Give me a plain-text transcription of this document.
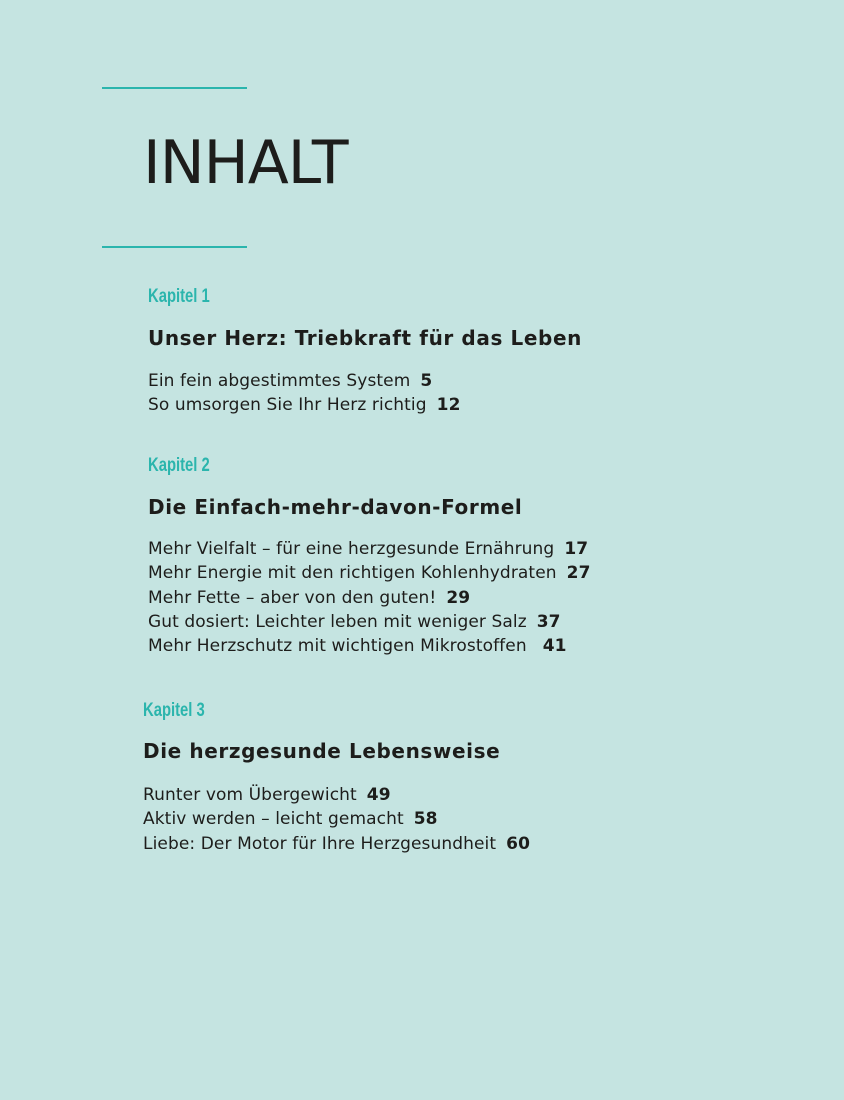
INHALT
Kapitel 1
Unser Herz: Triebkraft für das Leben
Ein fein abgestimmtes System 5
So umsorgen Sie Ihr Herz richtig 12
Kapitel 2
Die Einfach-mehr-davon-Formel
Mehr Vielfalt – für eine herzgesunde Ernährung 17
Mehr Energie mit den richtigen Kohlenhydraten 27
Mehr Fette – aber von den guten! 29
Gut dosiert: Leichter leben mit weniger Salz 37
Mehr Herzschutz mit wichtigen Mikrostoffen 41
Kapitel 3
Die herzgesunde Lebensweise
Runter vom Übergewicht 49
Aktiv werden – leicht gemacht 58
Liebe: Der Motor für Ihre Herzgesundheit 60
